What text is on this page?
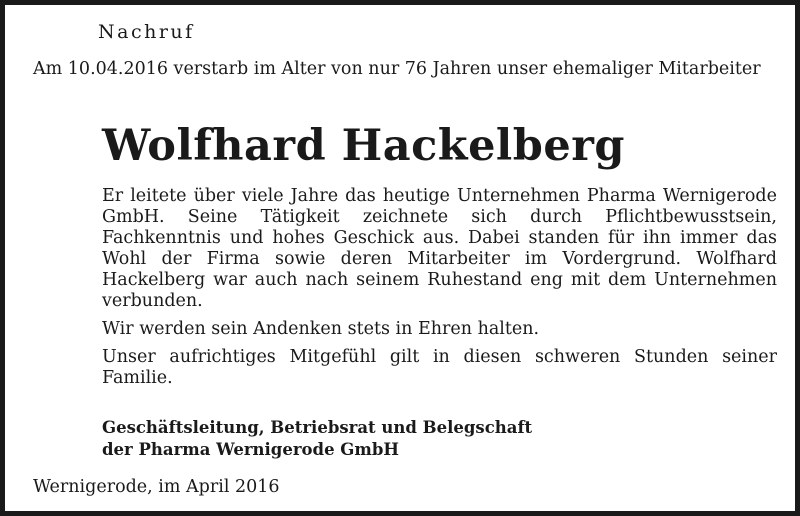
Nachruf

Am 10.04.2016 verstarb im Alter von nur 76 Jahren unser ehemaliger Mitarbeiter

Wolfhard Hackelberg

Er leitete über viele Jahre das heutige Unternehmen Pharma Wernigerode GmbH. Seine Tätigkeit zeichnete sich durch Pflichtbewusstsein, Fachkenntnis und hohes Geschick aus. Dabei standen für ihn immer das Wohl der Firma sowie deren Mitarbeiter im Vordergrund. Wolfhard Hackelberg war auch nach seinem Ruhestand eng mit dem Unternehmen verbunden.

Wir werden sein Andenken stets in Ehren halten.

Unser aufrichtiges Mitgefühl gilt in diesen schweren Stunden seiner Familie.

Geschäftsleitung, Betriebsrat und Belegschaft
der Pharma Wernigerode GmbH
Wernigerode, im April 2016
